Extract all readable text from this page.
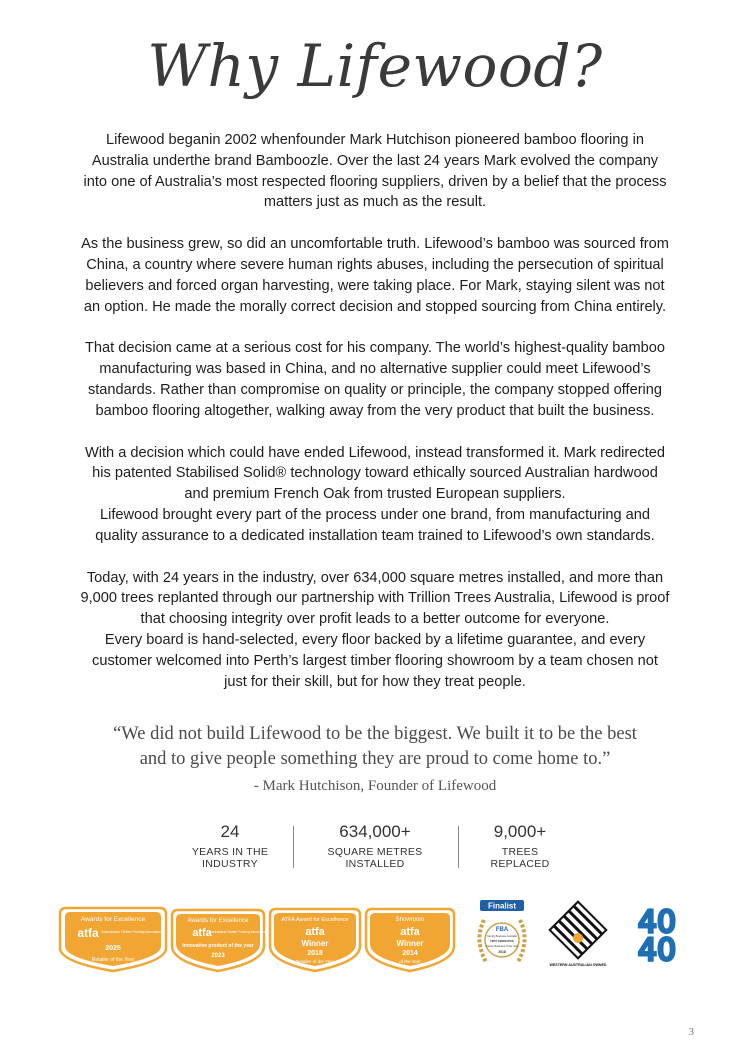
Why Lifewood?

Lifewood beganin 2002 whenfounder Mark Hutchison pioneered bamboo flooring in
Australia underthe brand Bamboozle. Over the last 24 years Mark evolved the company
into one of Australia’s most respected flooring suppliers, driven by a belief that the process
matters just as much as the result.

As the business grew, so did an uncomfortable truth. Lifewood’s bamboo was sourced from
China, a country where severe human rights abuses, including the persecution of spiritual
believers and forced organ harvesting, were taking place. For Mark, staying silent was not
an option. He made the morally correct decision and stopped sourcing from China entirely.

That decision came at a serious cost for his company. The world’s highest-quality bamboo
manufacturing was based in China, and no alternative supplier could meet Lifewood’s
standards. Rather than compromise on quality or principle, the company stopped offering
bamboo flooring altogether, walking away from the very product that built the business.

With a decision which could have ended Lifewood, instead transformed it. Mark redirected
his patented Stabilised Solid® technology toward ethically sourced Australian hardwood
and premium French Oak from trusted European suppliers.
Lifewood brought every part of the process under one brand, from manufacturing and
quality assurance to a dedicated installation team trained to Lifewood’s own standards.

Today, with 24 years in the industry, over 634,000 square metres installed, and more than
9,000 trees replanted through our partnership with Trillion Trees Australia, Lifewood is proof
that choosing integrity over profit leads to a better outcome for everyone.
Every board is hand-selected, every floor backed by a lifetime guarantee, and every
customer welcomed into Perth’s largest timber flooring showroom by a team chosen not
just for their skill, but for how they treat people.

“We did not build Lifewood to be the biggest. We built it to be the best
and to give people something they are proud to come home to.”
- Mark Hutchison, Founder of Lifewood
24
YEARS IN THE
INDUSTRY
634,000+
SQUARE METRES
INSTALLED
9,000+
TREES
REPLACED
Awards for Excellence
atfa Australasian Timber Flooring Association
2025
Retailer of the Year
Awards for Excellence
atfa
Australasian Timber Flooring Association
Innovative product of the year
2023
ATFA Award for Excellence
atfa
Winner
2018
Retailer of the Year
Showroom
atfa
Winner
2014
of the Year
Finalist
FBA
Family Business Australia
FIRST GENERATION
Family Business of the Year
2018
WESTERN AUSTRALIAN OWNED
40
40
3
